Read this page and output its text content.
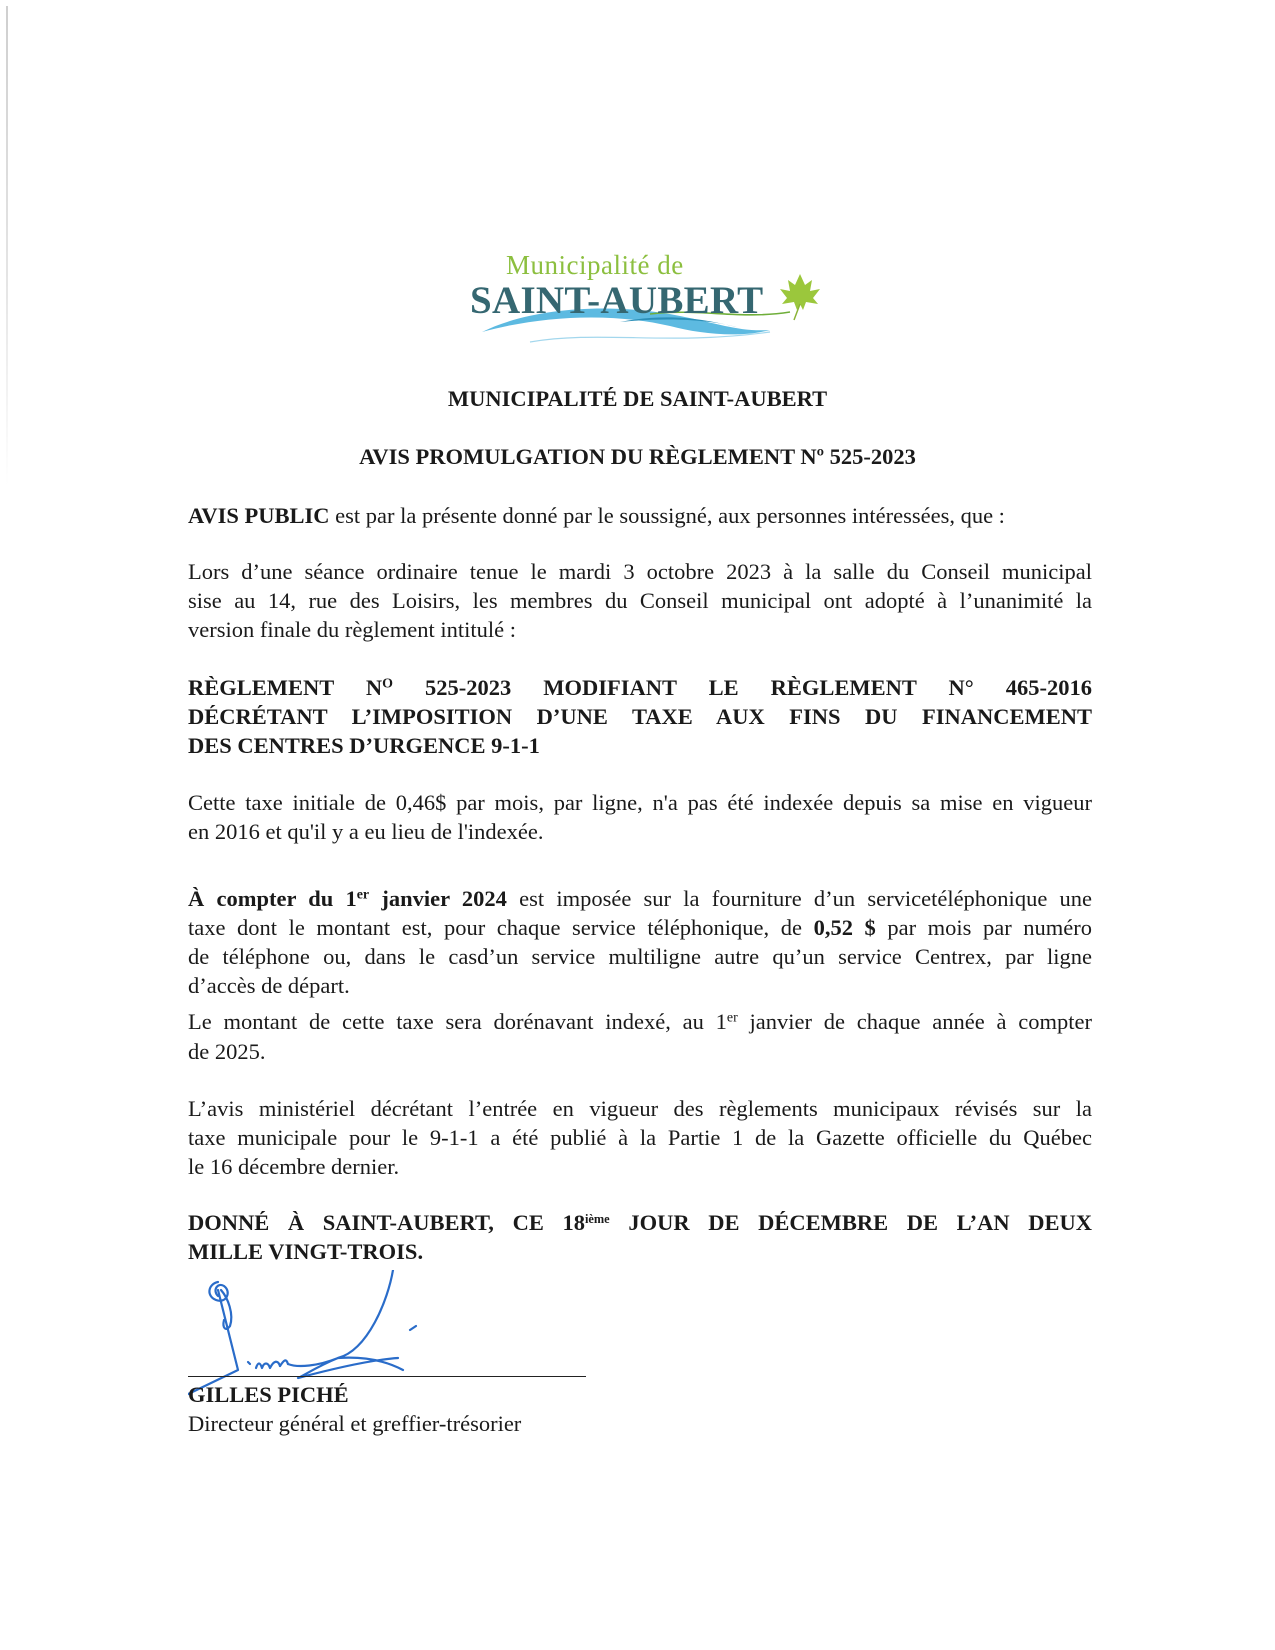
Municipalité de
SAINT-AUBERT
MUNICIPALITÉ DE SAINT-AUBERT
AVIS PROMULGATION DU RÈGLEMENT Nº 525-2023
AVIS PUBLIC est par la présente donné par le soussigné, aux personnes intéressées, que :
Lors d’une séance ordinaire tenue le mardi 3 octobre 2023 à la salle du Conseil municipal
sise au 14, rue des Loisirs, les membres du Conseil municipal ont adopté à l’unanimité la
version finale du règlement intitulé :
RÈGLEMENT $N^O$ 525-2023 MODIFIANT LE RÈGLEMENT N° 465-2016
DÉCRÉTANT L’IMPOSITION D’UNE TAXE AUX FINS DU FINANCEMENT
DES CENTRES D’URGENCE 9-1-1
Cette taxe initiale de 0,46$ par mois, par ligne, n'a pas été indexée depuis sa mise en vigueur
en 2016 et qu'il y a eu lieu de l'indexée.
À compter du 1er janvier 2024 est imposée sur la fourniture d’un servicetéléphonique une
taxe dont le montant est, pour chaque service téléphonique, de 0,52 $ par mois par numéro
de téléphone ou, dans le casd’un service multiligne autre qu’un service Centrex, par ligne
d’accès de départ.
Le montant de cette taxe sera dorénavant indexé, au 1er janvier de chaque année à compter
de 2025.
L’avis ministériel décrétant l’entrée en vigueur des règlements municipaux révisés sur la
taxe municipale pour le 9-1-1 a été publié à la Partie 1 de la Gazette officielle du Québec
le 16 décembre dernier.
DONNÉ À SAINT-AUBERT, CE 18ième JOUR DE DÉCEMBRE DE L’AN DEUX
MILLE VINGT-TROIS.
GILLES PICHÉ
Directeur général et greffier-trésorier
